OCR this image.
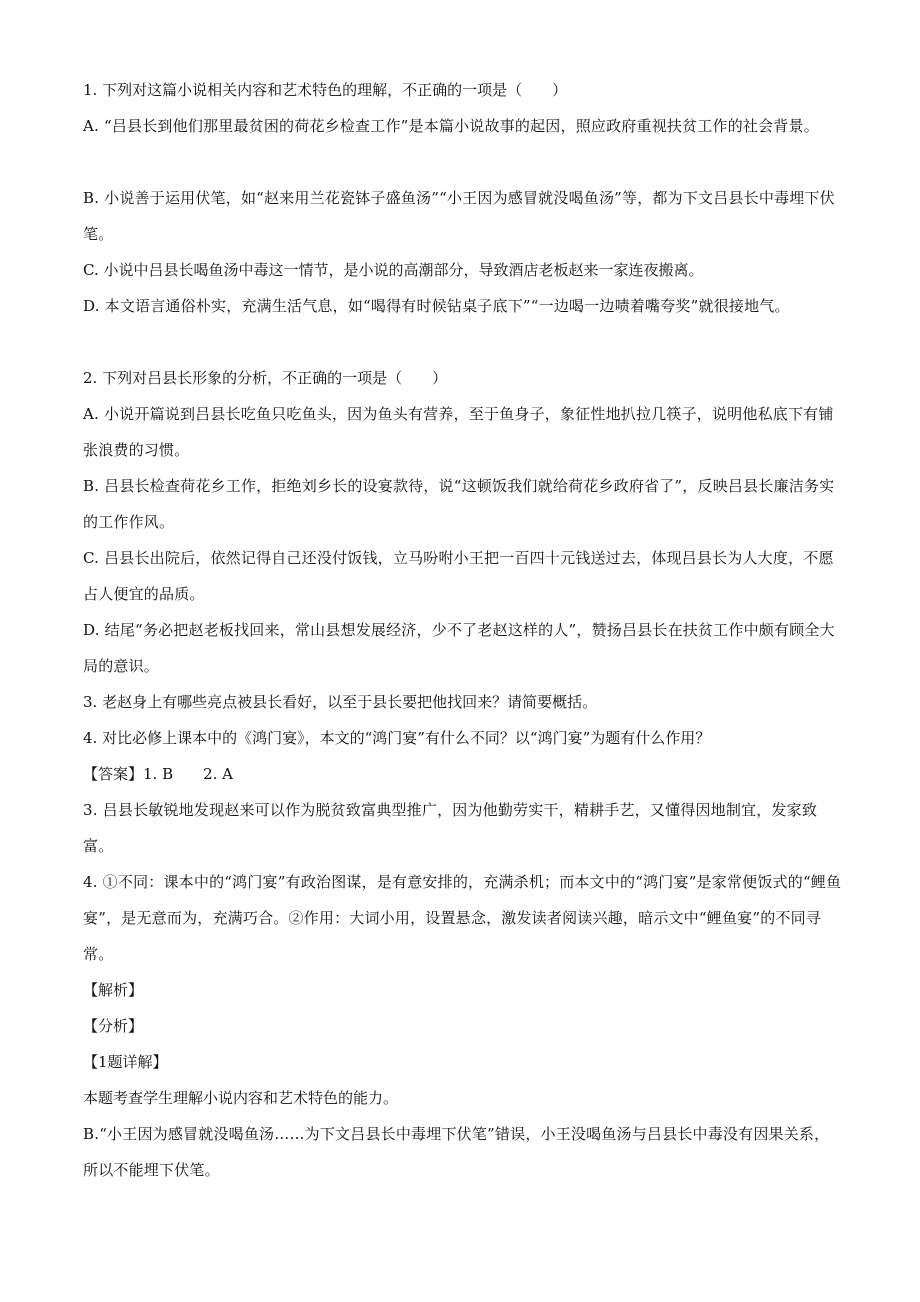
1. 下列对这篇小说相关内容和艺术特色的理解，不正确的一项是（　　）

A. “吕县长到他们那里最贫困的荷花乡检查工作”是本篇小说故事的起因，照应政府重视扶贫工作的社会背景。

B. 小说善于运用伏笔，如“赵来用兰花瓷钵子盛鱼汤”“小王因为感冒就没喝鱼汤”等，都为下文吕县长中毒埋下伏笔。

C. 小说中吕县长喝鱼汤中毒这一情节，是小说的高潮部分，导致酒店老板赵来一家连夜搬离。

D. 本文语言通俗朴实，充满生活气息，如“喝得有时候钻桌子底下”“一边喝一边啧着嘴夸奖”就很接地气。

2. 下列对吕县长形象的分析，不正确的一项是（　　）

A. 小说开篇说到吕县长吃鱼只吃鱼头，因为鱼头有营养，至于鱼身子，象征性地扒拉几筷子，说明他私底下有铺张浪费的习惯。

B. 吕县长检查荷花乡工作，拒绝刘乡长的设宴款待，说“这顿饭我们就给荷花乡政府省了”，反映吕县长廉洁务实的工作作风。

C. 吕县长出院后，依然记得自己还没付饭钱，立马吩咐小王把一百四十元钱送过去，体现吕县长为人大度，不愿占人便宜的品质。

D. 结尾“务必把赵老板找回来，常山县想发展经济，少不了老赵这样的人”，赞扬吕县长在扶贫工作中颇有顾全大局的意识。

3. 老赵身上有哪些亮点被县长看好，以至于县长要把他找回来？请简要概括。

4. 对比必修上课本中的《鸿门宴》，本文的“鸿门宴”有什么不同？以“鸿门宴”为题有什么作用？

【答案】1. B　　2. A

3. 吕县长敏锐地发现赵来可以作为脱贫致富典型推广，因为他勤劳实干，精耕手艺，又懂得因地制宜，发家致富。

4. ①不同：课本中的“鸿门宴”有政治图谋，是有意安排的，充满杀机；而本文中的“鸿门宴”是家常便饭式的“鲤鱼宴”，是无意而为，充满巧合。②作用：大词小用，设置悬念，激发读者阅读兴趣，暗示文中“鲤鱼宴”的不同寻常。

【解析】

【分析】

【1题详解】

本题考查学生理解小说内容和艺术特色的能力。

B.“小王因为感冒就没喝鱼汤……为下文吕县长中毒埋下伏笔”错误，小王没喝鱼汤与吕县长中毒没有因果关系，所以不能埋下伏笔。
